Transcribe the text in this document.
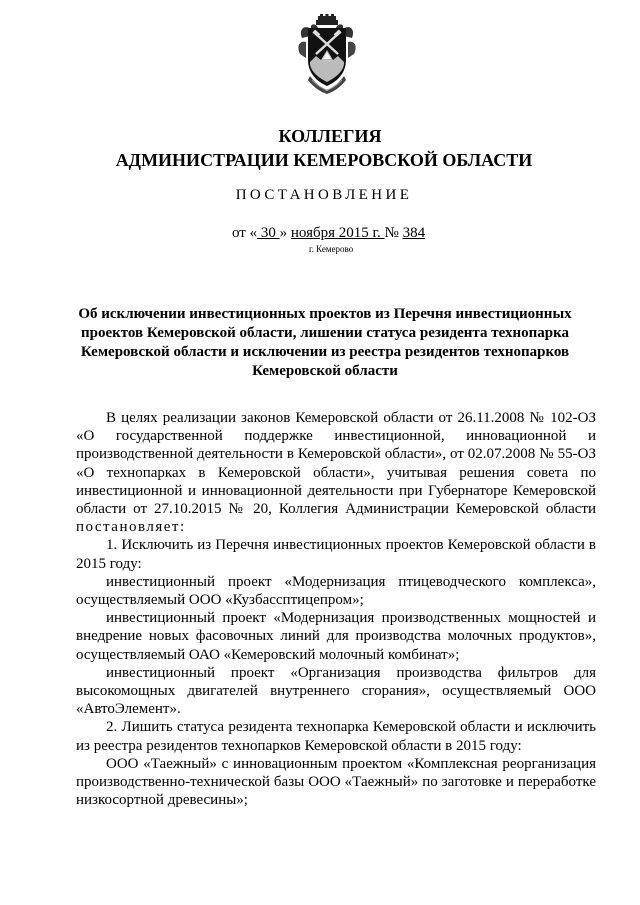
КОЛЛЕГИЯ
АДМИНИСТРАЦИИ КЕМЕРОВСКОЙ ОБЛАСТИ
ПОСТАНОВЛЕНИЕ
от « 30 » ноября 2015 г. № 384
г. Кемерово
Об исключении инвестиционных проектов из Перечня инвестиционных проектов Кемеровской области, лишении статуса резидента технопарка Кемеровской области и исключении из реестра резидентов технопарков Кемеровской области

В целях реализации законов Кемеровской области от 26.11.2008 № 102-ОЗ «О государственной поддержке инвестиционной, инновационной и производственной деятельности в Кемеровской области», от 02.07.2008 № 55-ОЗ «О технопарках в Кемеровской области», учитывая решения совета по инвестиционной и инновационной деятельности при Губернаторе Кемеровской области от 27.10.2015 № 20, Коллегия Администрации Кемеровской области постановляет:

1. Исключить из Перечня инвестиционных проектов Кемеровской области в 2015 году:

инвестиционный проект «Модернизация птицеводческого комплекса», осуществляемый ООО «Кузбасcптицепром»;

инвестиционный проект «Модернизация производственных мощностей и внедрение новых фасовочных линий для производства молочных продуктов», осуществляемый ОАО «Кемеровский молочный комбинат»;

инвестиционный проект «Организация производства фильтров для высокомощных двигателей внутреннего сгорания», осуществляемый ООО «АвтоЭлемент».

2. Лишить статуса резидента технопарка Кемеровской области и исключить из реестра резидентов технопарков Кемеровской области в 2015 году:

ООО «Таежный» с инновационным проектом «Комплексная реорганизация производственно-технической базы ООО «Таежный» по заготовке и переработке низкосортной древесины»;
